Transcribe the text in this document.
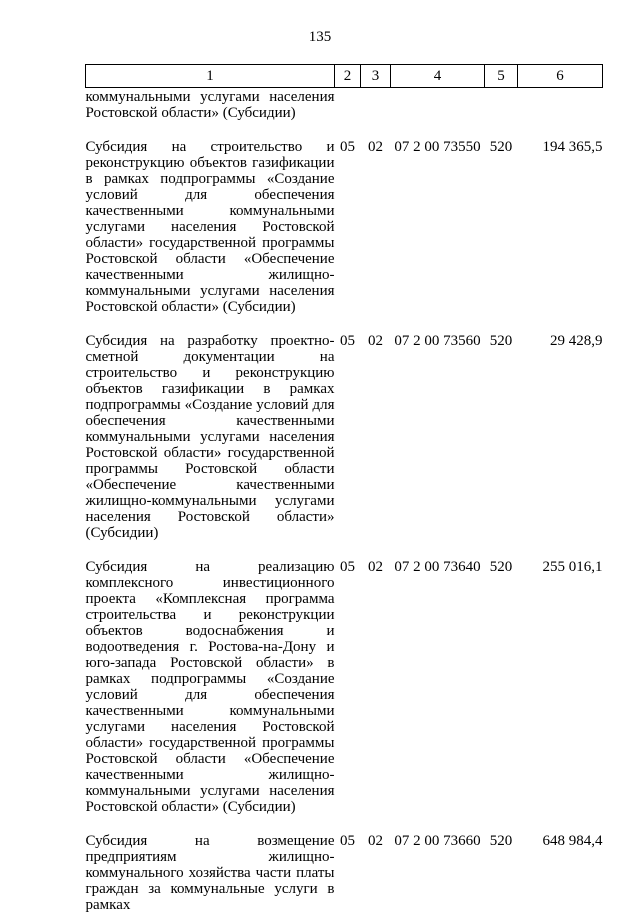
135
1	2	3	4	5	6
коммунальными услугами населения Ростовской области» (Субсидии)					
Субсидия на строительство и реконструкцию объектов газификации в рамках подпрограммы «Создание условий для обеспечения качественными коммунальными услугами населения Ростовской области» государственной программы Ростовской области «Обеспечение качественными жилищно-коммунальными услугами населения Ростовской области» (Субсидии)	05	02	07 2 00 73550	520	194 365,5
Субсидия на разработку проектно-сметной документации на строительство и реконструкцию объектов газификации в рамках подпрограммы «Создание условий для обеспечения качественными коммунальными услугами населения Ростовской области» государственной программы Ростовской области «Обеспечение качественными жилищно-коммунальными услугами населения Ростовской области» (Субсидии)	05	02	07 2 00 73560	520	29 428,9
Субсидия на реализацию комплексного инвестиционного проекта «Комплексная программа строительства и реконструкции объектов водоснабжения и водоотведения г. Ростова-на-Дону и юго-запада Ростовской области» в рамках подпрограммы «Создание условий для обеспечения качественными коммунальными услугами населения Ростовской области» государственной программы Ростовской области «Обеспечение качественными жилищно-коммунальными услугами населения Ростовской области» (Субсидии)	05	02	07 2 00 73640	520	255 016,1
Субсидия на возмещение предприятиям жилищно-коммунального хозяйства части платы граждан за коммунальные услуги в рамках	05	02	07 2 00 73660	520	648 984,4
